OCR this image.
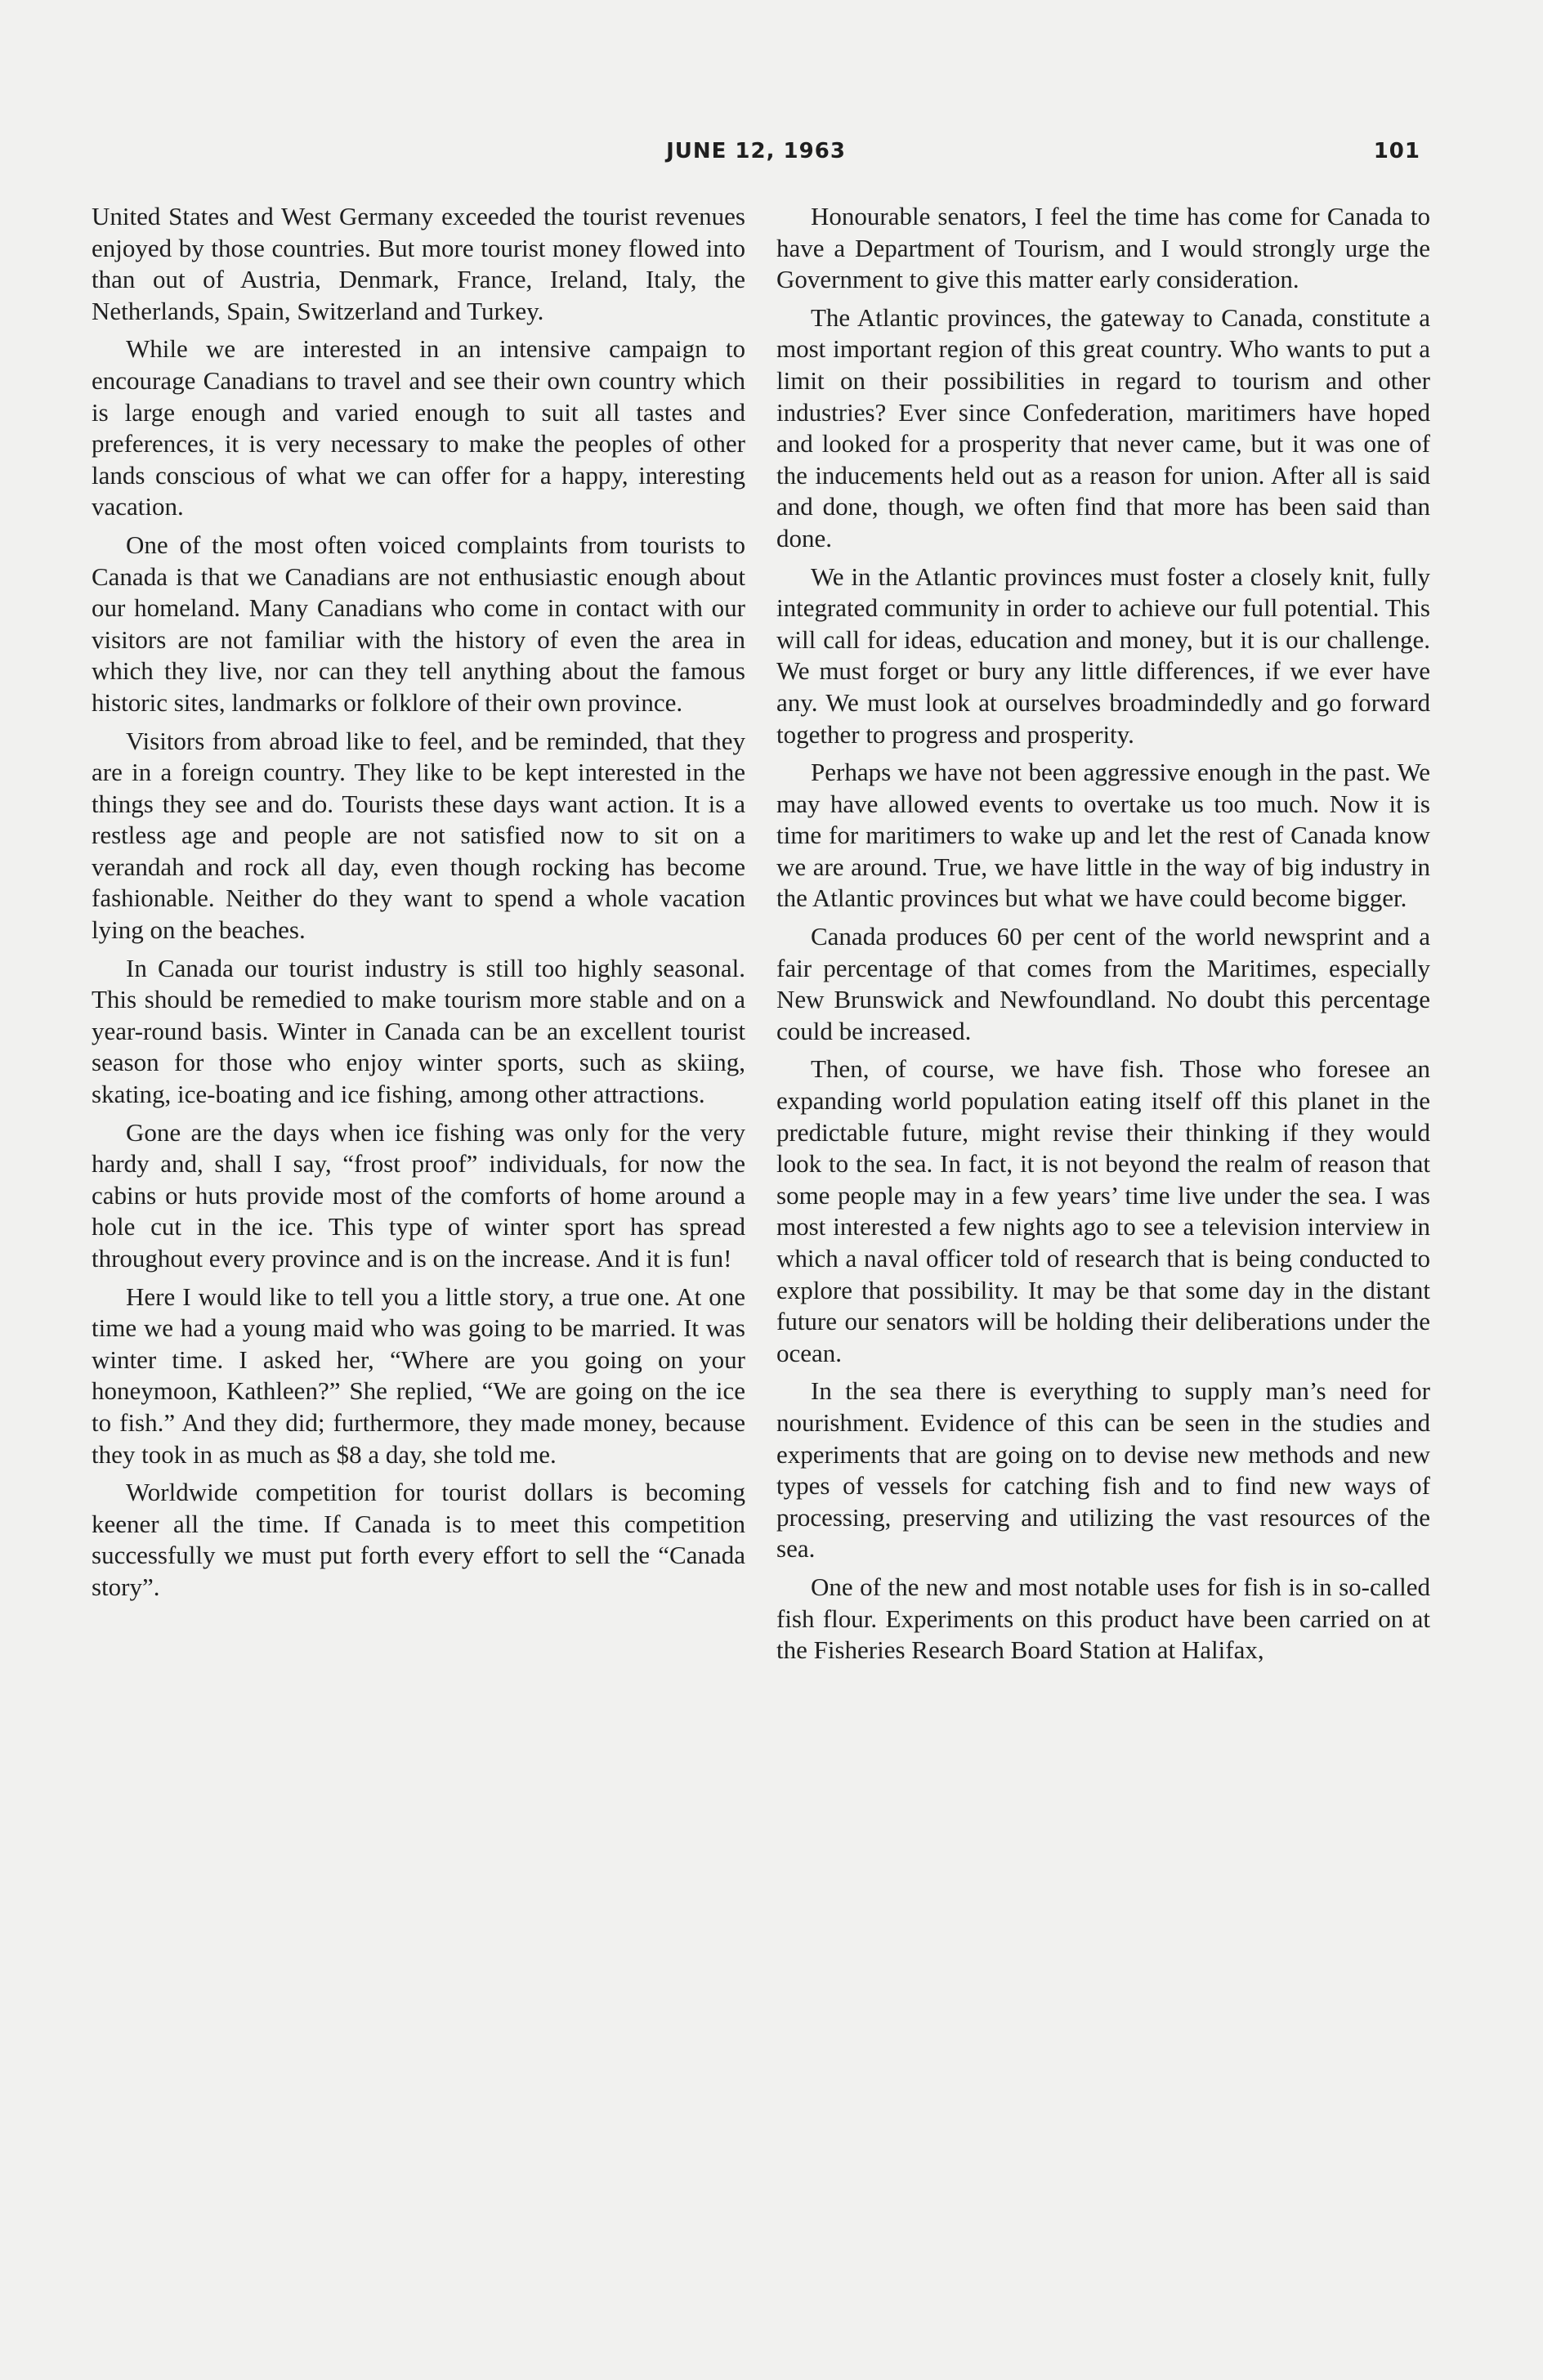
JUNE 12, 1963	101

United States and West Germany exceeded the tourist revenues enjoyed by those countries. But more tourist money flowed into than out of Austria, Denmark, France, Ireland, Italy, the Netherlands, Spain, Switzerland and Turkey.

While we are interested in an intensive campaign to encourage Canadians to travel and see their own country which is large enough and varied enough to suit all tastes and preferences, it is very necessary to make the peoples of other lands conscious of what we can offer for a happy, interesting vacation.

One of the most often voiced complaints from tourists to Canada is that we Canadians are not enthusiastic enough about our homeland. Many Canadians who come in contact with our visitors are not familiar with the history of even the area in which they live, nor can they tell anything about the famous historic sites, landmarks or folklore of their own province.

Visitors from abroad like to feel, and be reminded, that they are in a foreign country. They like to be kept interested in the things they see and do. Tourists these days want action. It is a restless age and people are not satisfied now to sit on a verandah and rock all day, even though rocking has become fashionable. Neither do they want to spend a whole vacation lying on the beaches.

In Canada our tourist industry is still too highly seasonal. This should be remedied to make tourism more stable and on a year-round basis. Winter in Canada can be an excellent tourist season for those who enjoy winter sports, such as skiing, skating, ice-boating and ice fishing, among other attractions.

Gone are the days when ice fishing was only for the very hardy and, shall I say, “frost proof” individuals, for now the cabins or huts provide most of the comforts of home around a hole cut in the ice. This type of winter sport has spread throughout every province and is on the increase. And it is fun!

Here I would like to tell you a little story, a true one. At one time we had a young maid who was going to be married. It was winter time. I asked her, “Where are you going on your honeymoon, Kathleen?” She replied, “We are going on the ice to fish.” And they did; furthermore, they made money, because they took in as much as $8 a day, she told me.

Worldwide competition for tourist dollars is becoming keener all the time. If Canada is to meet this competition successfully we must put forth every effort to sell the “Canada story”.

Honourable senators, I feel the time has come for Canada to have a Department of Tourism, and I would strongly urge the Government to give this matter early consideration.

The Atlantic provinces, the gateway to Canada, constitute a most important region of this great country. Who wants to put a limit on their possibilities in regard to tourism and other industries? Ever since Confederation, maritimers have hoped and looked for a prosperity that never came, but it was one of the inducements held out as a reason for union. After all is said and done, though, we often find that more has been said than done.

We in the Atlantic provinces must foster a closely knit, fully integrated community in order to achieve our full potential. This will call for ideas, education and money, but it is our challenge. We must forget or bury any little differences, if we ever have any. We must look at ourselves broadmindedly and go forward together to progress and prosperity.

Perhaps we have not been aggressive enough in the past. We may have allowed events to overtake us too much. Now it is time for maritimers to wake up and let the rest of Canada know we are around. True, we have little in the way of big industry in the Atlantic provinces but what we have could become bigger.

Canada produces 60 per cent of the world newsprint and a fair percentage of that comes from the Maritimes, especially New Brunswick and Newfoundland. No doubt this percentage could be increased.

Then, of course, we have fish. Those who foresee an expanding world population eating itself off this planet in the predictable future, might revise their thinking if they would look to the sea. In fact, it is not beyond the realm of reason that some people may in a few years’ time live under the sea. I was most interested a few nights ago to see a television interview in which a naval officer told of research that is being conducted to explore that possibility. It may be that some day in the distant future our senators will be holding their deliberations under the ocean.

In the sea there is everything to supply man’s need for nourishment. Evidence of this can be seen in the studies and experiments that are going on to devise new methods and new types of vessels for catching fish and to find new ways of processing, preserving and utilizing the vast resources of the sea.

One of the new and most notable uses for fish is in so-called fish flour. Experiments on this product have been carried on at the Fisheries Research Board Station at Halifax,
